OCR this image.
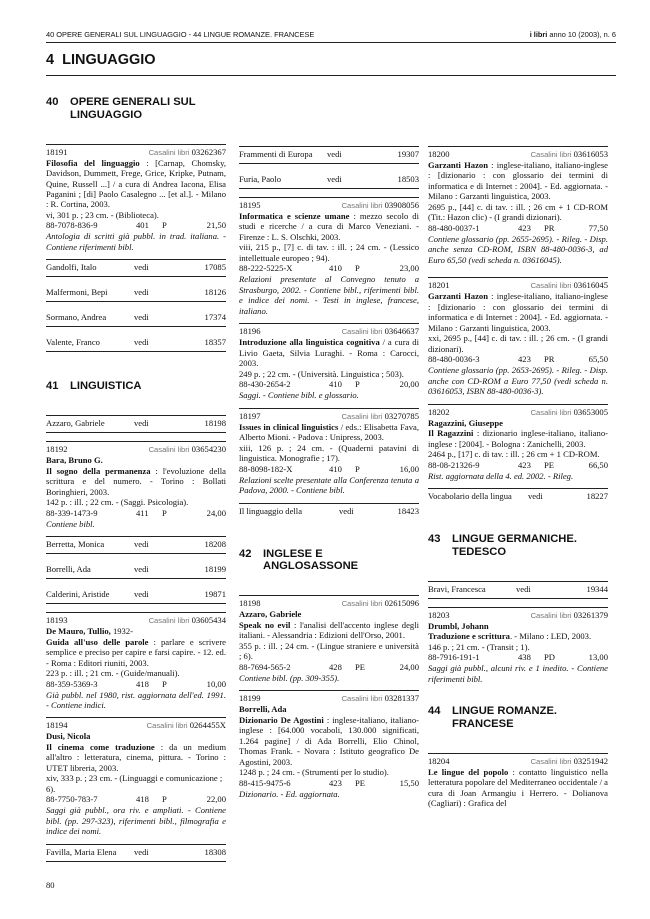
40 OPERE GENERALI SUL LINGUAGGIO - 44 LINGUE ROMANZE. FRANCESE	i libri anno 10 (2003), n. 6
4 LINGUAGGIO
40 OPERE GENERALI SUL LINGUAGGIO
18191	Casalini libri 03262367
Filosofia del linguaggio : [Carnap, Chomsky, Davidson, Dummett, Frege, Grice, Kripke, Putnam, Quine, Russell ...] / a cura di Andrea Iacona, Elisa Paganini ; [di] Paolo Casalegno ... [et al.]. - Milano : R. Cortina, 2003.
vi, 301 p. ; 23 cm. - (Biblioteca).
88-7078-836-9	401 P	21,50
Antologia di scritti già pubbl. in trad. italiana. - Contiene riferimenti bibl.
Gandolfi, Italo	vedi	17085
Malfermoni, Bepi	vedi	18126
Sormano, Andrea	vedi	17374
Valente, Franco	vedi	18357
41 LINGUISTICA
Azzaro, Gabriele	vedi	18198
18192	Casalini libri 03654230
Bara, Bruno G.
Il sogno della permanenza : l'evoluzione della scrittura e del numero. - Torino : Bollati Boringhieri, 2003.
142 p. : ill. ; 22 cm. - (Saggi. Psicologia).
88-339-1473-9	411 P	24,00
Contiene bibl.
Berretta, Monica	vedi	18208
Borrelli, Ada	vedi	18199
Calderini, Aristide	vedi	19871
18193	Casalini libri 03605434
De Mauro, Tullio, 1932-
Guida all'uso delle parole : parlare e scrivere semplice e preciso per capire e farsi capire. - 12. ed. - Roma : Editori riuniti, 2003.
223 p. : ill. ; 21 cm. - (Guide/manuali).
88-359-5369-3	418 P	10,00
Già pubbl. nel 1980, rist. aggiornata dell'ed. 1991. - Contiene indici.
18194	Casalini libri 0264455X
Dusi, Nicola
Il cinema come traduzione : da un medium all'altro : letteratura, cinema, pittura. - Torino : UTET libreria, 2003.
xiv, 333 p. ; 23 cm. - (Linguaggi e comunicazione ; 6).
88-7750-783-7	418 P	22,00
Saggi già pubbl., ora riv. e ampliati. - Contiene bibl. (pp. 297-323), riferimenti bibl., filmografia e indice dei nomi.
Favilla, Maria Elena vedi	18308
Frammenti di Europa vedi	19307
Furia, Paolo	vedi	18503
18195	Casalini libri 03908056
Informatica e scienze umane : mezzo secolo di studi e ricerche / a cura di Marco Veneziani. - Firenze : L. S. Olschki, 2003.
viii, 215 p., [7] c. di tav. : ill. ; 24 cm. - (Lessico intellettuale europeo ; 94).
88-222-5225-X	410 P	23,00
Relazioni presentate al Convegno tenuto a Strasburgo, 2002. - Contiene bibl., riferimenti bibl. e indice dei nomi. - Testi in inglese, francese, italiano.
18196	Casalini libri 03646637
Introduzione alla linguistica cognitiva / a cura di Livio Gaeta, Silvia Luraghi. - Roma : Carocci, 2003.
249 p. ; 22 cm. - (Università. Linguistica ; 503).
88-430-2654-2	410 P	20,00
Saggi. - Contiene bibl. e glossario.
18197	Casalini libri 03270785
Issues in clinical linguistics / eds.: Elisabetta Fava, Alberto Mioni. - Padova : Unipress, 2003.
xiii, 126 p. ; 24 cm. - (Quaderni patavini di linguistica. Monografie ; 17).
88-8098-182-X	410 P	16,00
Relazioni scelte presentate alla Conferenza tenuta a Padova, 2000. - Contiene bibl.
Il linguaggio della	vedi	18423
42 INGLESE E ANGLOSASSONE
18198	Casalini libri 02615096
Azzaro, Gabriele
Speak no evil : l'analisi dell'accento inglese degli italiani. - Alessandria : Edizioni dell'Orso, 2001.
355 p. : ill. ; 24 cm. - (Lingue straniere e università ; 6).
88-7694-565-2	428 PE	24,00
Contiene bibl. (pp. 309-355).
18199	Casalini libri 03281337
Borrelli, Ada
Dizionario De Agostini : inglese-italiano, italiano-inglese : [64.000 vocaboli, 130.000 significati, 1.264 pagine] / di Ada Borrelli, Elio Chinol, Thomas Frank. - Novara : Istituto geografico De Agostini, 2003.
1248 p. ; 24 cm. - (Strumenti per lo studio).
88-415-9475-6	423 PE	15,50
Dizionario. - Ed. aggiornata.
18200	Casalini libri 03616053
Garzanti Hazon : inglese-italiano, italiano-inglese : [dizionario : con glossario dei termini di informatica e di Internet : 2004]. - Ed. aggiornata. - Milano : Garzanti linguistica, 2003.
2695 p., [44] c. di tav. : ill. ; 26 cm + 1 CD-ROM (Tit.: Hazon clic) - (I grandi dizionari).
88-480-0037-1	423 PR	77,50
Contiene glossario (pp. 2655-2695). - Rileg. - Disp. anche senza CD-ROM, ISBN 88-480-0036-3, ad Euro 65,50 (vedi scheda n. 03616045).
18201	Casalini libri 03616045
Garzanti Hazon : inglese-italiano, italiano-inglese : [dizionario : con glossario dei termini di informatica e di Internet : 2004]. - Ed. aggiornata. - Milano : Garzanti linguistica, 2003.
xxi, 2695 p., [44] c. di tav. : ill. ; 26 cm. - (I grandi dizionari).
88-480-0036-3	423 PR	65,50
Contiene glossario (pp. 2653-2695). - Rileg. - Disp. anche con CD-ROM a Euro 77,50 (vedi scheda n. 03616053, ISBN 88-480-0036-3).
18202	Casalini libri 03653005
Ragazzini, Giuseppe
Il Ragazzini : dizionario inglese-italiano, italiano-inglese : [2004]. - Bologna : Zanichelli, 2003.
2464 p., [17] c. di tav. : ill. ; 26 cm + 1 CD-ROM.
88-08-21326-9	423 PE	66,50
Rist. aggiornata della 4. ed. 2002. - Rileg.
Vocabolario della lingua vedi	18227
43 LINGUE GERMANICHE. TEDESCO
Bravi, Francesca	vedi	19344
18203	Casalini libri 03261379
Drumbl, Johann
Traduzione e scrittura. - Milano : LED, 2003.
146 p. ; 21 cm. - (Transit ; 1).
88-7916-191-1	438 PD	13,00
Saggi già pubbl., alcuni riv. e 1 inedito. - Contiene riferimenti bibl.
44 LINGUE ROMANZE. FRANCESE
18204	Casalini libri 03251942
Le lingue del popolo : contatto linguistico nella letteratura popolare del Mediterraneo occidentale / a cura di Joan Armangiu i Herrero. - Dolianova (Cagliari) : Grafica del
80
